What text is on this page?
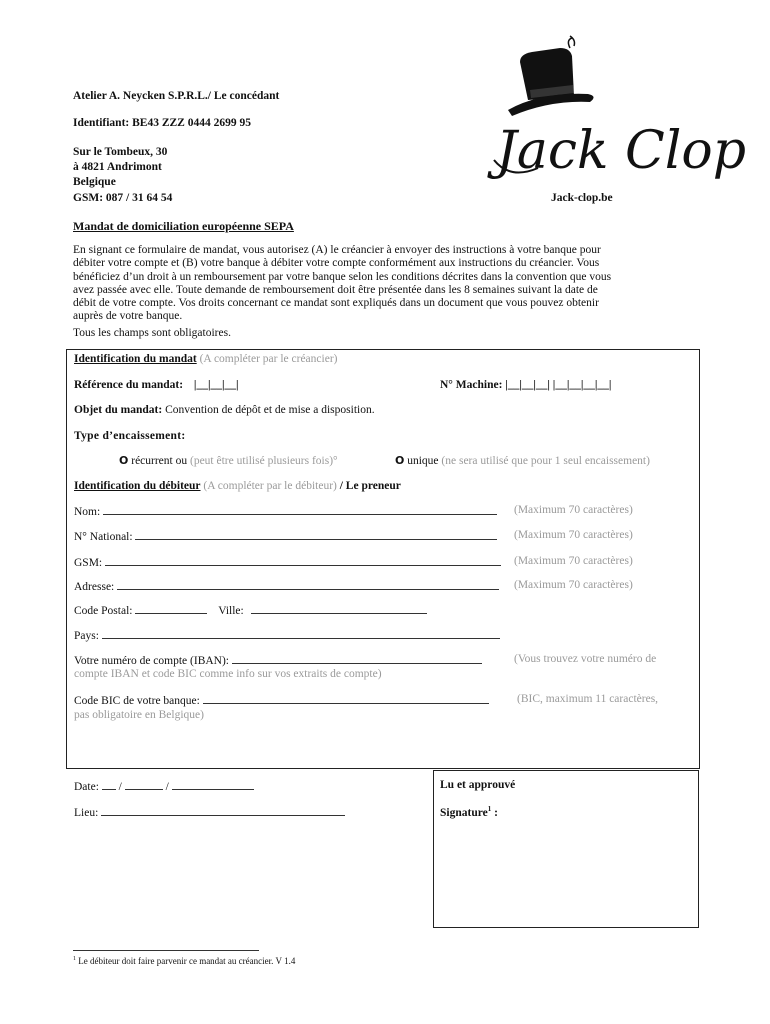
Atelier A. Neycken S.P.R.L./ Le concédant
Identifiant: BE43 ZZZ 0444 2699 95
Sur le Tombeux, 30
à 4821 Andrimont
Belgique
GSM: 087 / 31 64 54	Jack-clop.be
Jack Clop
Mandat de domiciliation européenne SEPA
En signant ce formulaire de mandat, vous autorisez (A) le créancier à envoyer des instructions à votre banque pour
débiter votre compte et (B) votre banque à débiter votre compte conformément aux instructions du créancier. Vous
bénéficiez d’un droit à un remboursement par votre banque selon les conditions décrites dans la convention que vous
avez passée avec elle. Toute demande de remboursement doit être présentée dans les 8 semaines suivant la date de
débit de votre compte. Vos droits concernant ce mandat sont expliqués dans un document que vous pouvez obtenir
auprès de votre banque.
Tous les champs sont obligatoires.
Identification du mandat (A compléter par le créancier)
Référence du mandat: |__|__|__|	N° Machine: |__|__|__| |__|__|__|__|
Objet du mandat: Convention de dépôt et de mise a disposition.
Type d’encaissement:
O récurrent ou (peut être utilisé plusieurs fois)°	O unique (ne sera utilisé que pour 1 seul encaissement)
Identification du débiteur (A compléter par le débiteur) / Le preneur
Nom:	(Maximum 70 caractères)
N° National:	(Maximum 70 caractères)
GSM:	(Maximum 70 caractères)
Adresse:	(Maximum 70 caractères)
Code Postal:	Ville:
Pays:
Votre numéro de compte (IBAN):	(Vous trouvez votre numéro de
compte IBAN et code BIC comme info sur vos extraits de compte)
Code BIC de votre banque:	(BIC, maximum 11 caractères,
pas obligatoire en Belgique)
Date: /	/
Lieu:
Lu et approuvé
Signature$^1$ :
$^1$ Le débiteur doit faire parvenir ce mandat au créancier. V 1.4
